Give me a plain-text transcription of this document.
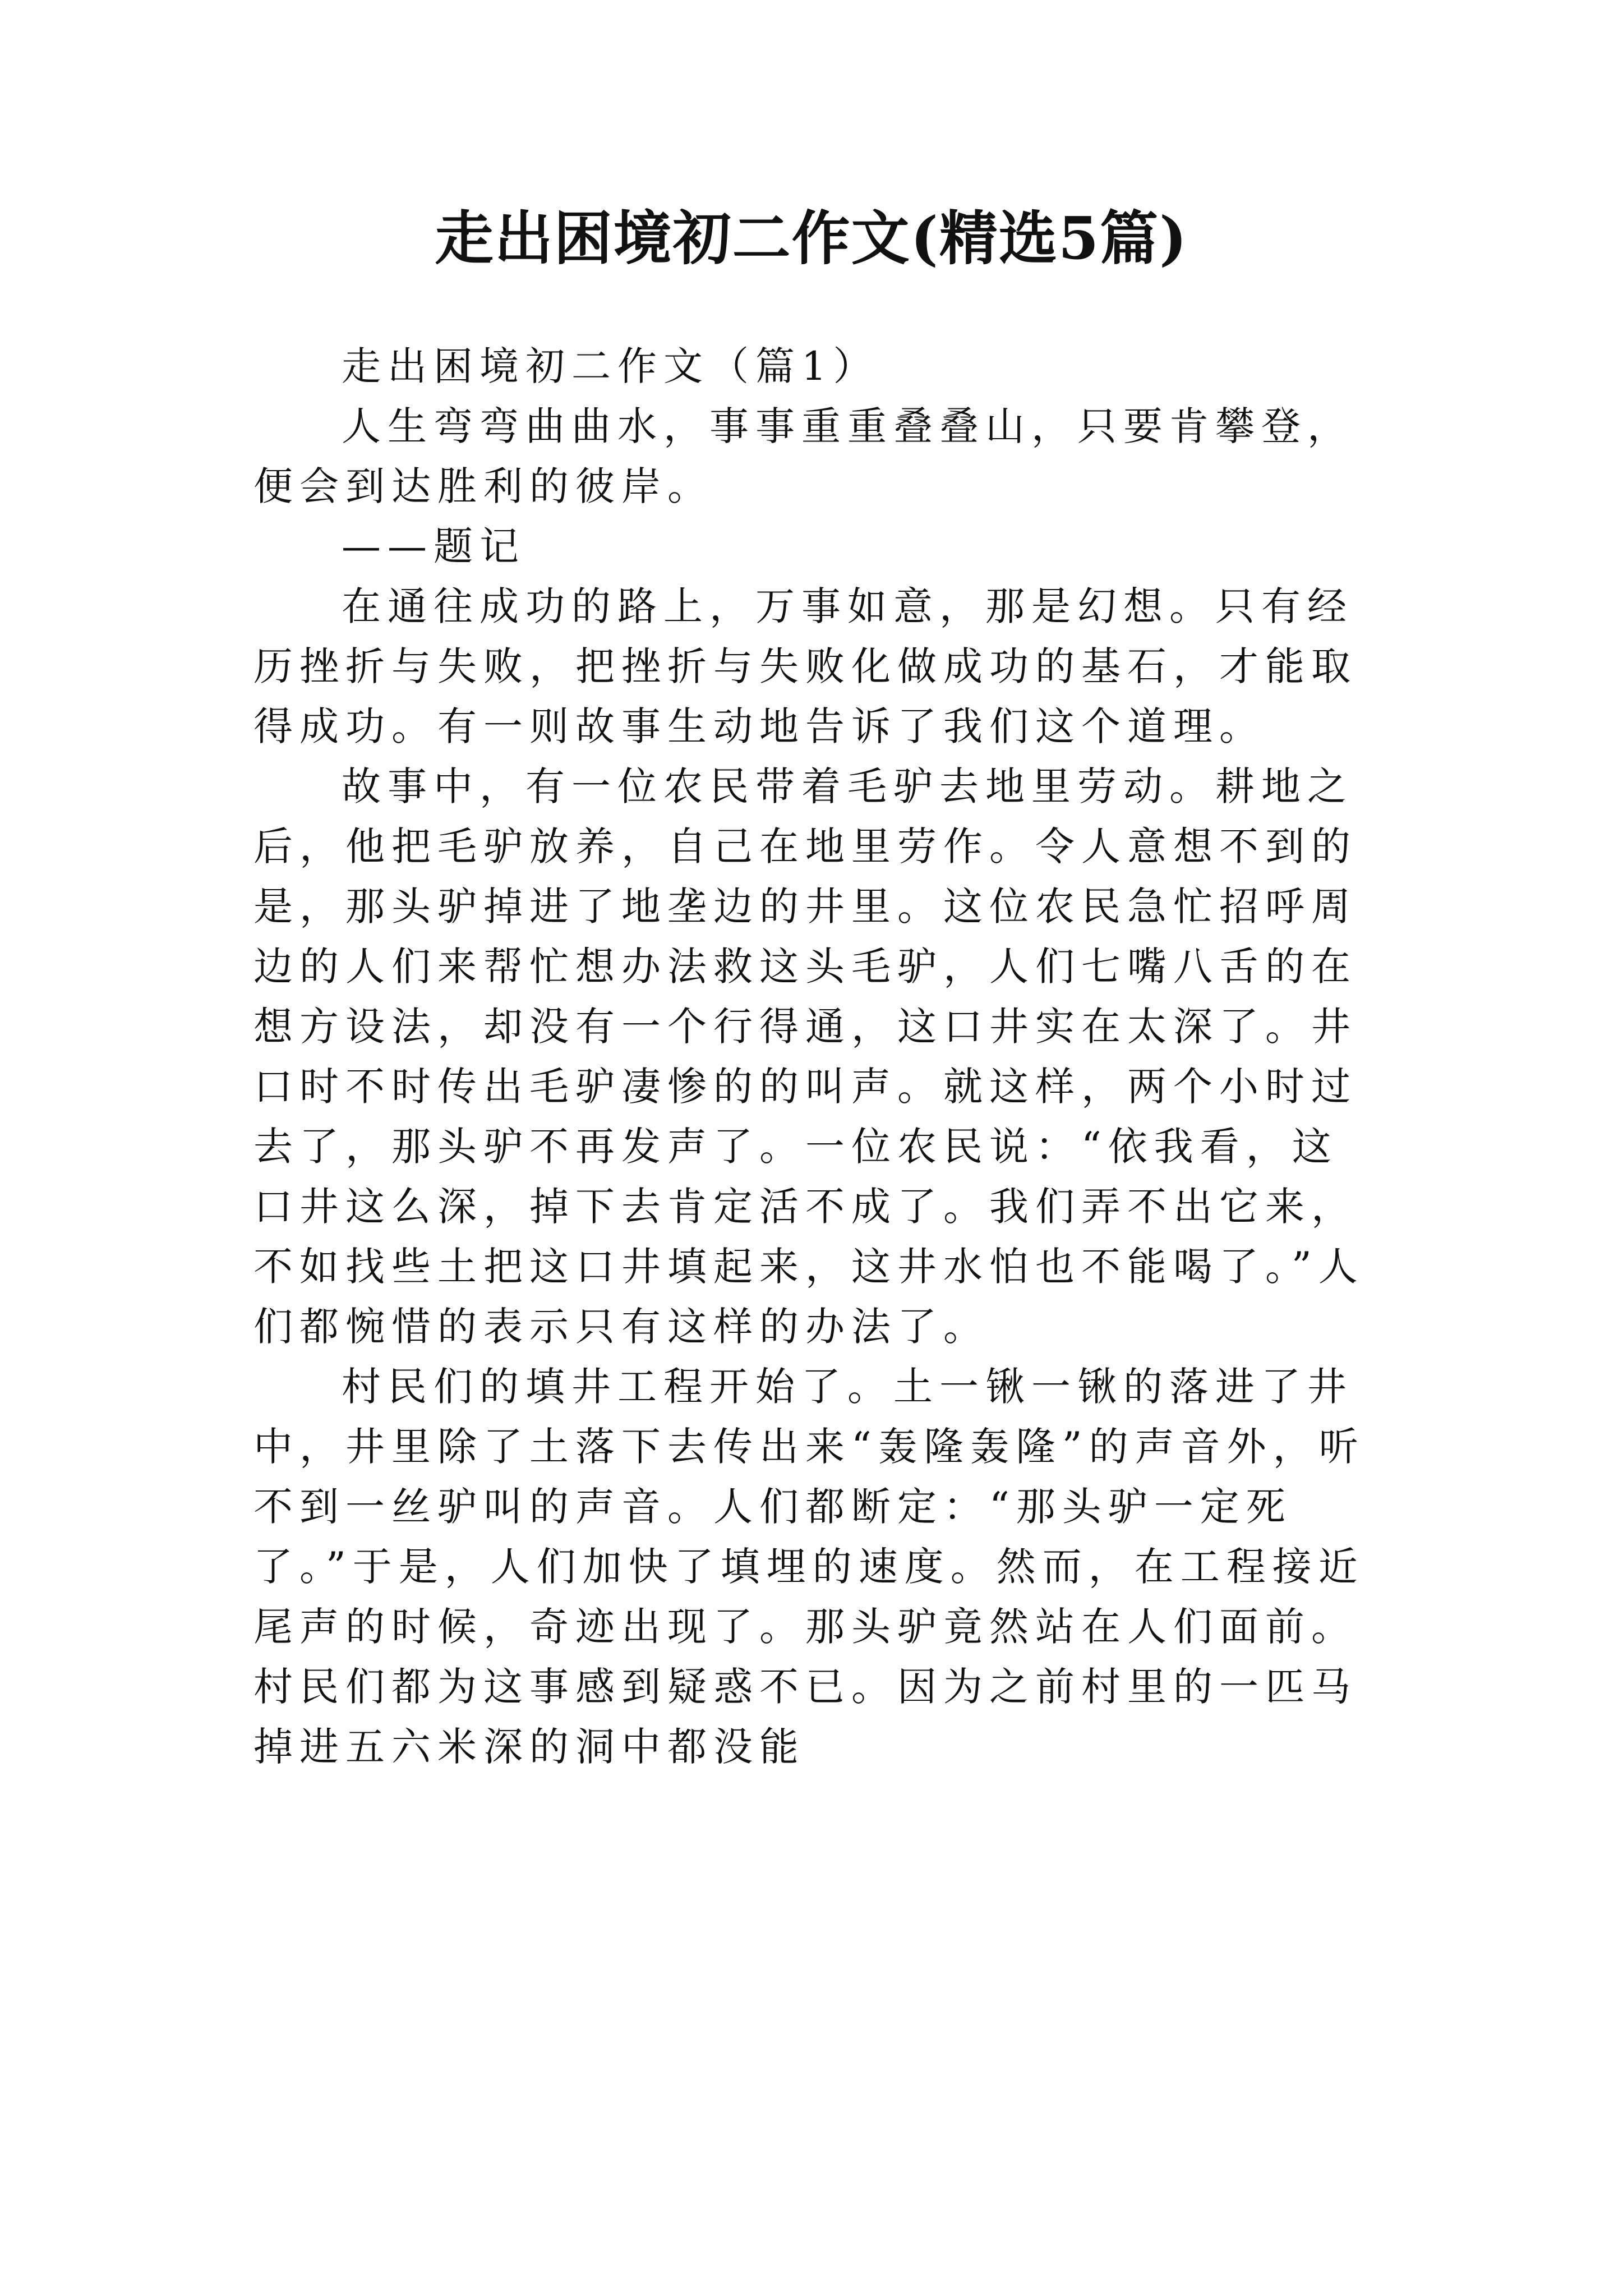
走出困境初二作文(精选5篇)

走出困境初二作文（篇1）

人生弯弯曲曲水，事事重重叠叠山，只要肯攀登，便会到达胜利的彼岸。

——题记

在通往成功的路上，万事如意，那是幻想。只有经历挫折与失败，把挫折与失败化做成功的基石，才能取得成功。有一则故事生动地告诉了我们这个道理。

故事中，有一位农民带着毛驴去地里劳动。耕地之后，他把毛驴放养，自己在地里劳作。令人意想不到的是，那头驴掉进了地垄边的井里。这位农民急忙招呼周边的人们来帮忙想办法救这头毛驴，人们七嘴八舌的在想方设法，却没有一个行得通，这口井实在太深了。井口时不时传出毛驴凄惨的的叫声。就这样，两个小时过去了，那头驴不再发声了。一位农民说：“依我看，这口井这么深，掉下去肯定活不成了。我们弄不出它来，不如找些土把这口井填起来，这井水怕也不能喝了。”人们都惋惜的表示只有这样的办法了。

村民们的填井工程开始了。土一锹一锹的落进了井中，井里除了土落下去传出来“轰隆轰隆”的声音外，听不到一丝驴叫的声音。人们都断定：“那头驴一定死了。”于是，人们加快了填埋的速度。然而，在工程接近尾声的时候，奇迹出现了。那头驴竟然站在人们面前。村民们都为这事感到疑惑不已。因为之前村里的一匹马掉进五六米深的洞中都没能
